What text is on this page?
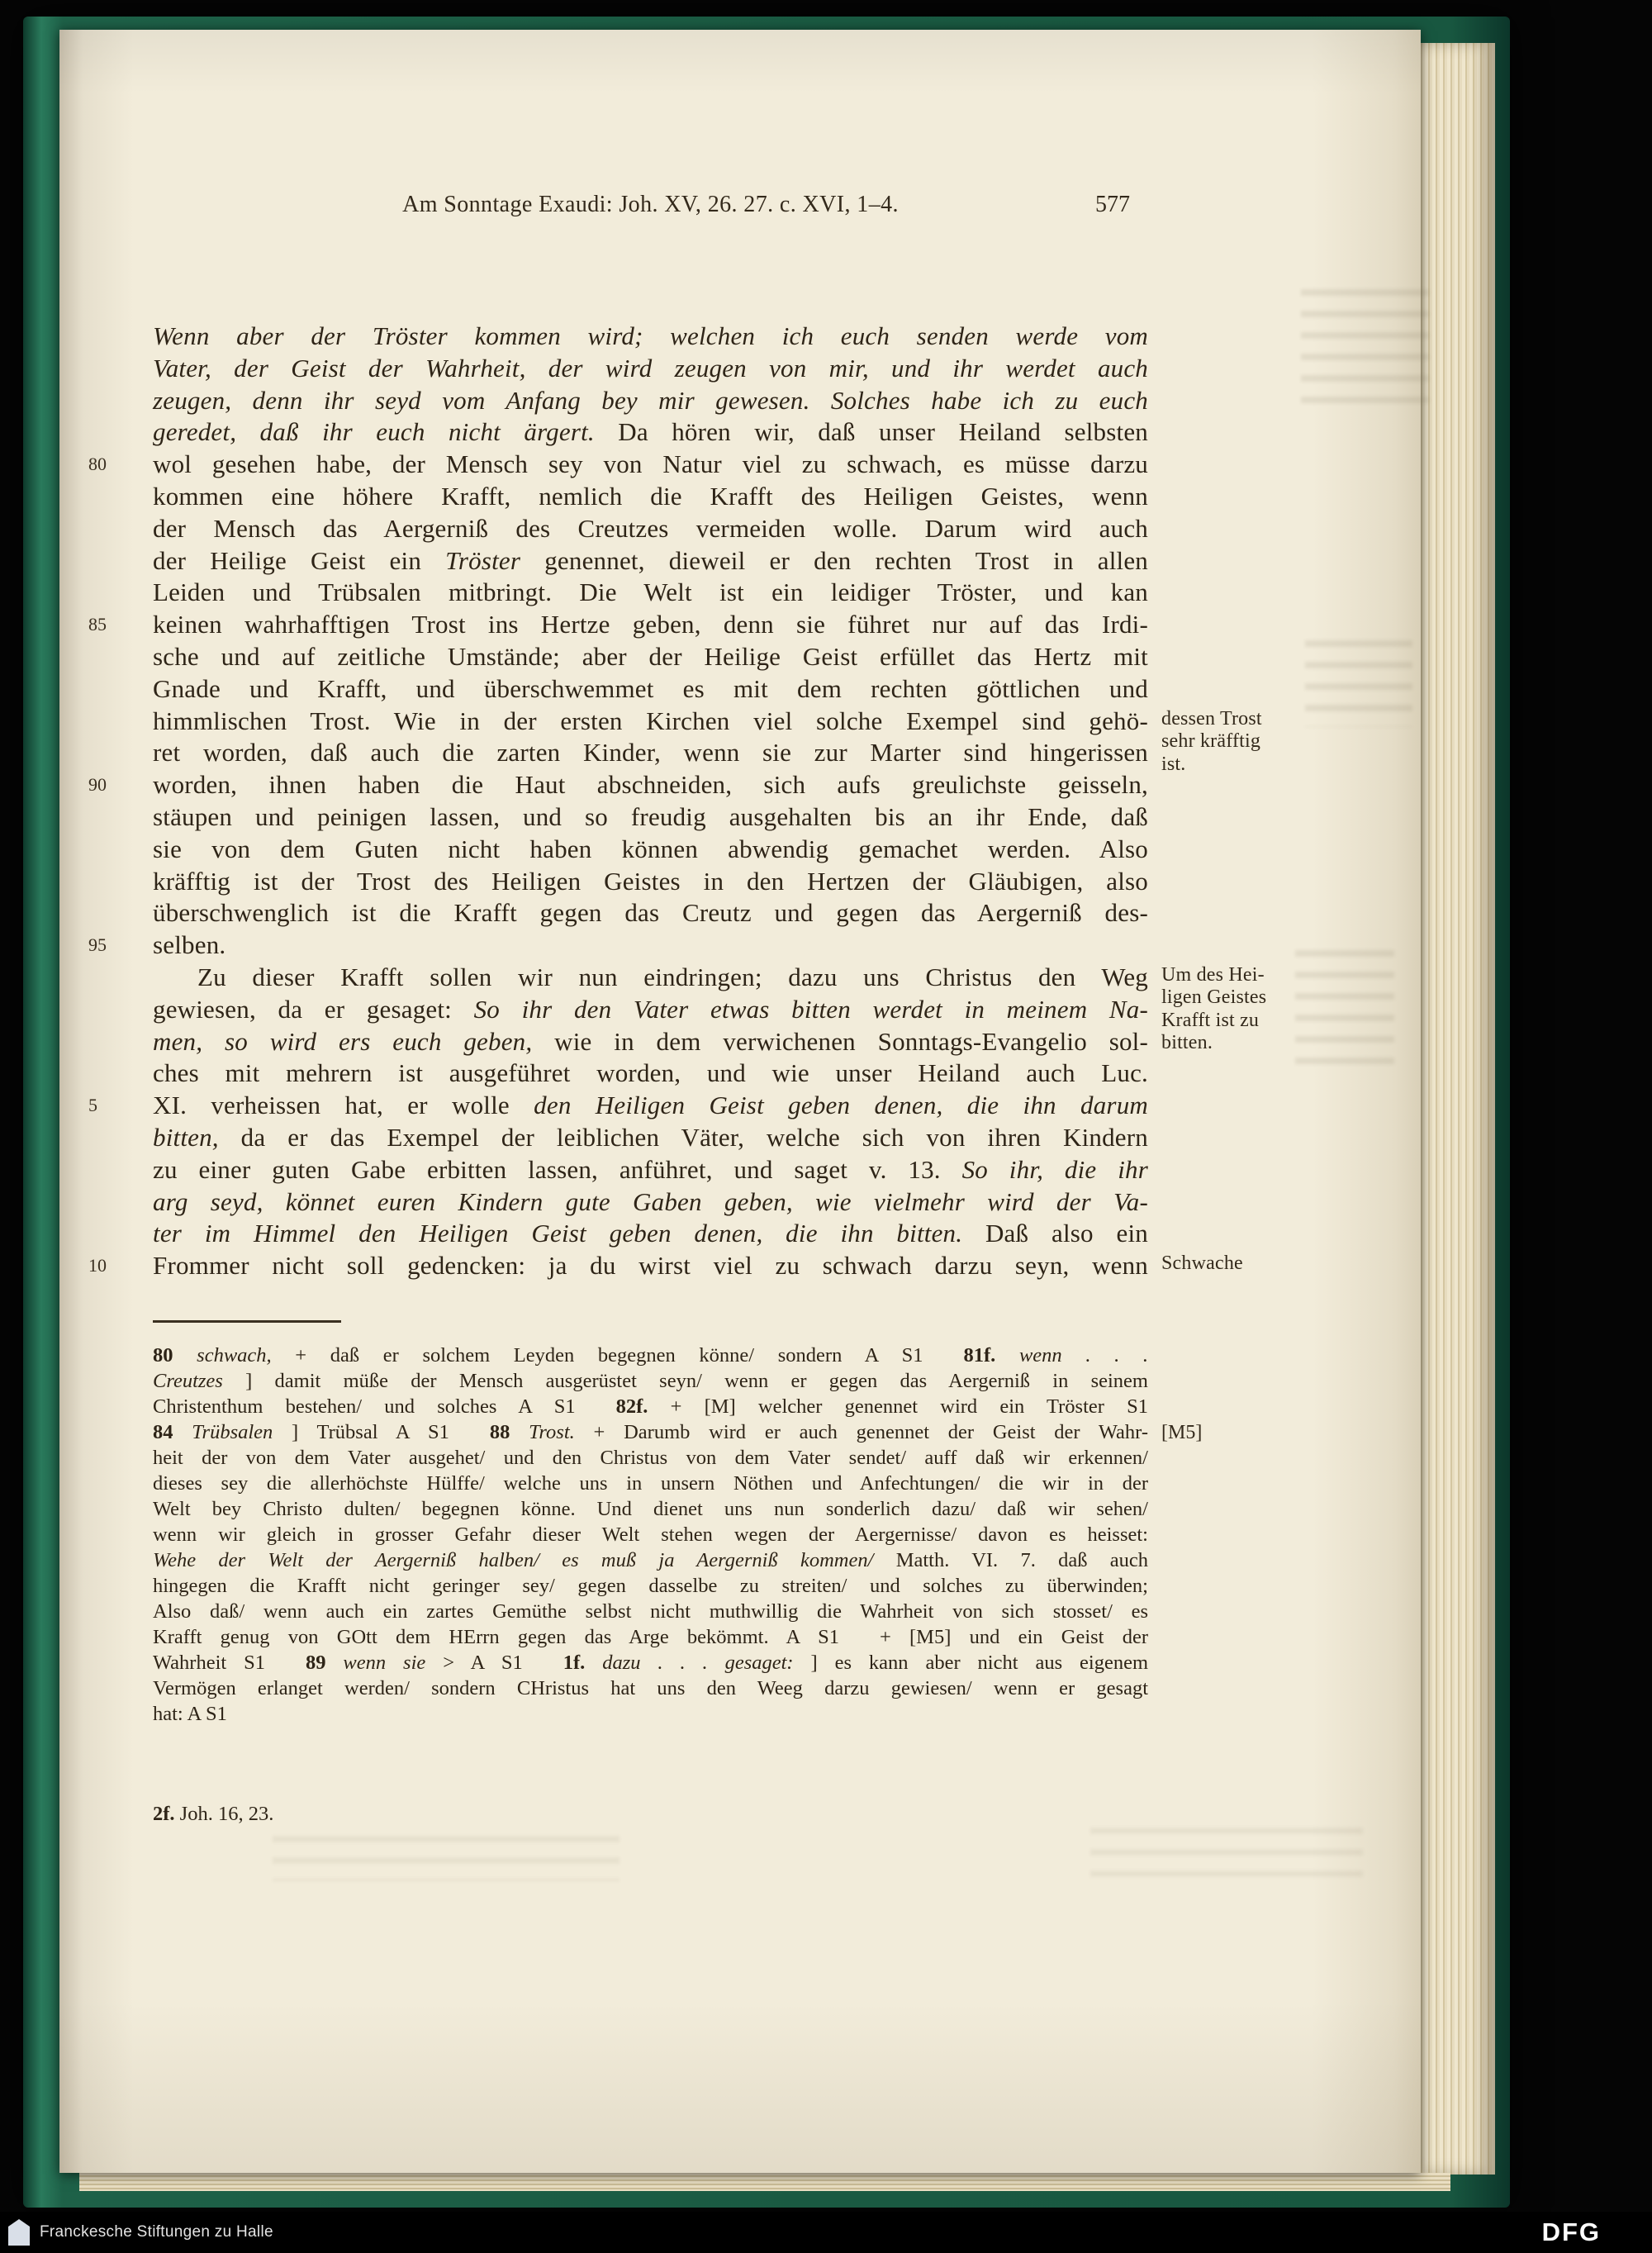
Am Sonntage Exaudi: Joh. XV, 26. 27. c. XVI, 1–4.	577
Wenn aber der Tröster kommen wird; welchen ich euch senden werde vom
Vater, der Geist der Wahrheit, der wird zeugen von mir, und ihr werdet auch
zeugen, denn ihr seyd vom Anfang bey mir gewesen. Solches habe ich zu euch
geredet, daß ihr euch nicht ärgert. Da hören wir, daß unser Heiland selbsten
80	wol gesehen habe, der Mensch sey von Natur viel zu schwach, es müsse darzu
kommen eine höhere Krafft, nemlich die Krafft des Heiligen Geistes, wenn
der Mensch das Aergerniß des Creutzes vermeiden wolle. Darum wird auch
der Heilige Geist ein Tröster genennet, dieweil er den rechten Trost in allen
Leiden und Trübsalen mitbringt. Die Welt ist ein leidiger Tröster, und kan
85	keinen wahrhafftigen Trost ins Hertze geben, denn sie führet nur auf das Irdi-
sche und auf zeitliche Umstände; aber der Heilige Geist erfüllet das Hertz mit
Gnade und Krafft, und überschwemmet es mit dem rechten göttlichen und
dessen Trost
sehr kräfftig
ist.
himmlischen Trost. Wie in der ersten Kirchen viel solche Exempel sind gehö-
ret worden, daß auch die zarten Kinder, wenn sie zur Marter sind hingerissen
90	worden, ihnen haben die Haut abschneiden, sich aufs greulichste geisseln,
stäupen und peinigen lassen, und so freudig ausgehalten bis an ihr Ende, daß
sie von dem Guten nicht haben können abwendig gemachet werden. Also
kräfftig ist der Trost des Heiligen Geistes in den Hertzen der Gläubigen, also
überschwenglich ist die Krafft gegen das Creutz und gegen das Aergerniß des-
95	selben.
Um des Hei-
ligen Geistes
Krafft ist zu
bitten.
Zu dieser Krafft sollen wir nun eindringen; dazu uns Christus den Weg
gewiesen, da er gesaget: So ihr den Vater etwas bitten werdet in meinem Na-
men, so wird ers euch geben, wie in dem verwichenen Sonntags-Evangelio sol-
ches mit mehrern ist ausgeführet worden, und wie unser Heiland auch Luc.
5	XI. verheissen hat, er wolle den Heiligen Geist geben denen, die ihn darum
bitten, da er das Exempel der leiblichen Väter, welche sich von ihren Kindern
zu einer guten Gabe erbitten lassen, anführet, und saget v. 13. So ihr, die ihr
arg seyd, könnet euren Kindern gute Gaben geben, wie vielmehr wird der Va-
ter im Himmel den Heiligen Geist geben denen, die ihn bitten. Daß also ein
10	Schwache
Frommer nicht soll gedencken: ja du wirst viel zu schwach darzu seyn, wenn
80 schwach, + daß er solchem Leyden begegnen könne/ sondern A S1  81f. wenn . . .
Creutzes ] damit müße der Mensch ausgerüstet seyn/ wenn er gegen das Aergerniß in seinem
Christenthum bestehen/ und solches A S1  82f. + [M] welcher genennet wird ein Tröster S1
[M5]
84 Trübsalen ] Trübsal A S1  88 Trost. + Darumb wird er auch genennet der Geist der Wahr-
heit der von dem Vater ausgehet/ und den Christus von dem Vater sendet/ auff daß wir erkennen/
dieses sey die allerhöchste Hülffe/ welche uns in unsern Nöthen und Anfechtungen/ die wir in der
Welt bey Christo dulten/ begegnen könne. Und dienet uns nun sonderlich dazu/ daß wir sehen/
wenn wir gleich in grosser Gefahr dieser Welt stehen wegen der Aergernisse/ davon es heisset:
Wehe der Welt der Aergerniß halben/ es muß ja Aergerniß kommen/ Matth. VI. 7. daß auch
hingegen die Krafft nicht geringer sey/ gegen dasselbe zu streiten/ und solches zu überwinden;
Also daß/ wenn auch ein zartes Gemüthe selbst nicht muthwillig die Wahrheit von sich stosset/ es
Krafft genug von GOtt dem HErrn gegen das Arge bekömmt. A S1  + [M5] und ein Geist der
Wahrheit S1  89 wenn sie > A S1  1f. dazu . . . gesaget: ] es kann aber nicht aus eigenem
Vermögen erlanget werden/ sondern CHristus hat uns den Weeg darzu gewiesen/ wenn er gesagt
hat: A S1
2f. Joh. 16, 23.
Franckesche Stiftungen zu Halle	DFG
